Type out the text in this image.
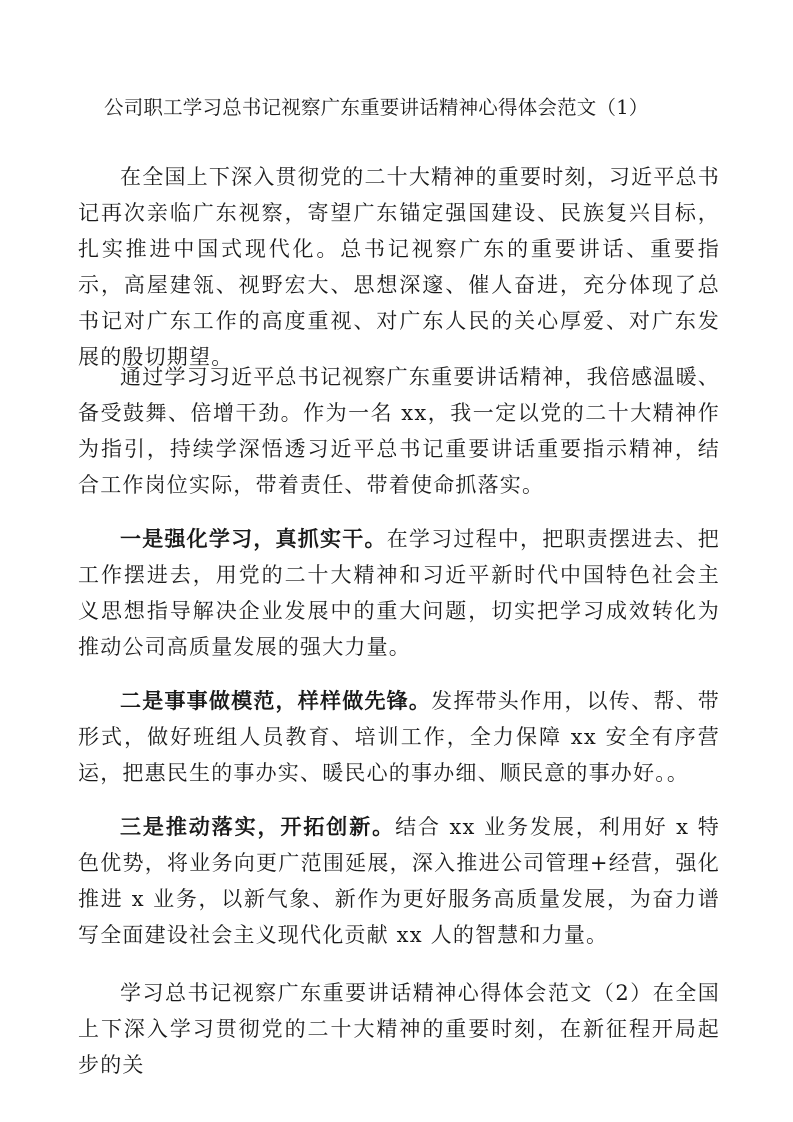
公司职工学习总书记视察广东重要讲话精神心得体会范文（1）

在全国上下深入贯彻党的二十大精神的重要时刻，习近平总书记再次亲临广东视察，寄望广东锚定强国建设、民族复兴目标，扎实推进中国式现代化。总书记视察广东的重要讲话、重要指示，高屋建瓴、视野宏大、思想深邃、催人奋进，充分体现了总书记对广东工作的高度重视、对广东人民的关心厚爱、对广东发展的殷切期望。

通过学习习近平总书记视察广东重要讲话精神，我倍感温暖、备受鼓舞、倍增干劲。作为一名 xx，我一定以党的二十大精神作为指引，持续学深悟透习近平总书记重要讲话重要指示精神，结合工作岗位实际，带着责任、带着使命抓落实。

一是强化学习，真抓实干。在学习过程中，把职责摆进去、把工作摆进去，用党的二十大精神和习近平新时代中国特色社会主义思想指导解决企业发展中的重大问题，切实把学习成效转化为推动公司高质量发展的强大力量。

二是事事做模范，样样做先锋。发挥带头作用，以传、帮、带形式，做好班组人员教育、培训工作，全力保障 xx 安全有序营运，把惠民生的事办实、暖民心的事办细、顺民意的事办好。。

三是推动落实，开拓创新。结合 xx 业务发展，利用好 x 特色优势，将业务向更广范围延展，深入推进公司管理+经营，强化推进 x 业务，以新气象、新作为更好服务高质量发展，为奋力谱写全面建设社会主义现代化贡献 xx 人的智慧和力量。

学习总书记视察广东重要讲话精神心得体会范文（2）在全国上下深入学习贯彻党的二十大精神的重要时刻，在新征程开局起步的关
